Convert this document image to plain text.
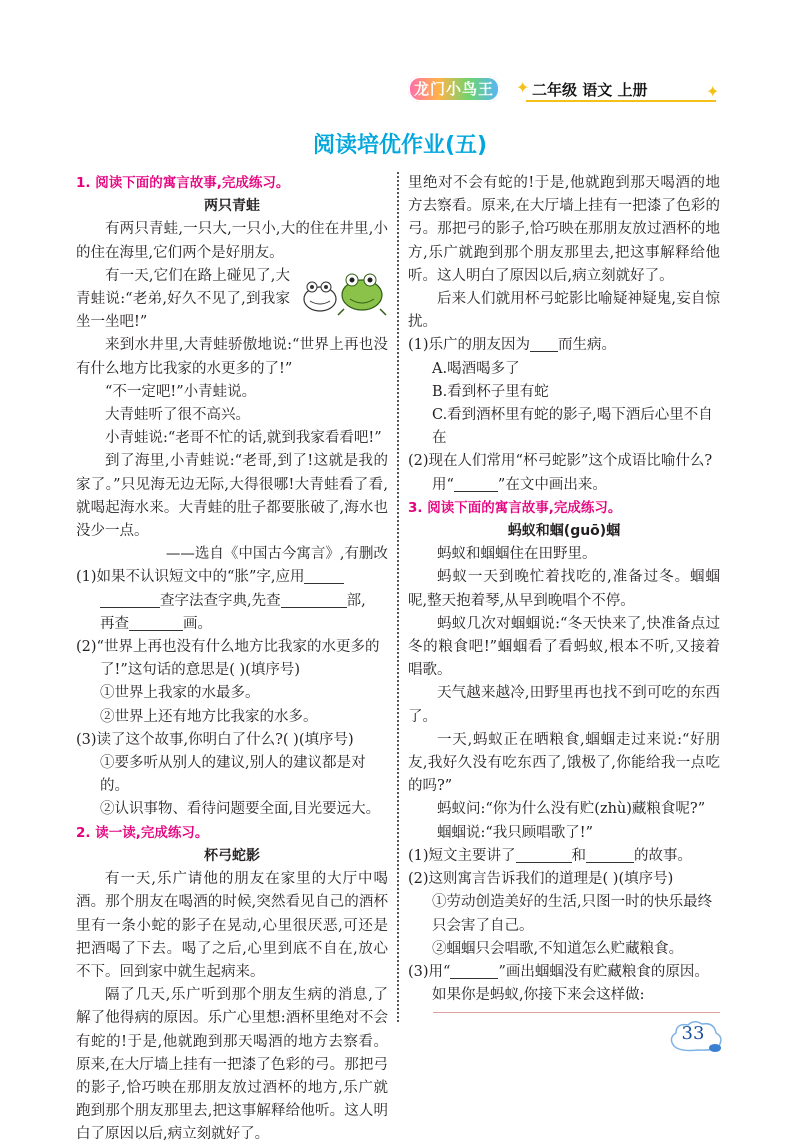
龙门小鸟王	✦ 二年级 语文 上册	✦
阅读培优作业(五)

1. 阅读下面的寓言故事,完成练习。

两只青蛙

有两只青蛙,一只大,一只小,大的住在井里,小的住在海里,它们两个是好朋友。

有一天,它们在路上碰见了,大青蛙说:“老弟,好久不见了,到我家坐一坐吧!”

来到水井里,大青蛙骄傲地说:“世界上再也没有什么地方比我家的水更多的了!”

“不一定吧!”小青蛙说。

大青蛙听了很不高兴。

小青蛙说:“老哥不忙的话,就到我家看看吧!”

到了海里,小青蛙说:“老哥,到了!这就是我的家了。”只见海无边无际,大得很哪!大青蛙看了看,就喝起海水来。大青蛙的肚子都要胀破了,海水也没少一点。

——选自《中国古今寓言》,有删改

(1)如果不认识短文中的“胀”字,应用查字法查字典,先查	部,
再查	画。

(2)“世界上再也没有什么地方比我家的水更多的了!”这句话的意思是( )(填序号)

①世界上我家的水最多。

②世界上还有地方比我家的水多。

(3)读了这个故事,你明白了什么?( )(填序号)

①要多听从别人的建议,别人的建议都是对的。

②认识事物、看待问题要全面,目光要远大。

2. 读一读,完成练习。

杯弓蛇影

有一天,乐广请他的朋友在家里的大厅中喝酒。那个朋友在喝酒的时候,突然看见自己的酒杯里有一条小蛇的影子在晃动,心里很厌恶,可还是把酒喝了下去。喝了之后,心里到底不自在,放心不下。回到家中就生起病来。

隔了几天,乐广听到那个朋友生病的消息,了解了他得病的原因。乐广心里想:酒杯里绝对不会有蛇的!于是,他就跑到那天喝酒的地方去察看。原来,在大厅墙上挂有一把漆了色彩的弓。那把弓的影子,恰巧映在那朋友放过酒杯的地方,乐广就跑到那个朋友那里去,把这事解释给他听。这人明白了原因以后,病立刻就好了。

里绝对不会有蛇的!于是,他就跑到那天喝酒的地方去察看。原来,在大厅墙上挂有一把漆了色彩的弓。那把弓的影子,恰巧映在那朋友放过酒杯的地方,乐广就跑到那个朋友那里去,把这事解释给他听。这人明白了原因以后,病立刻就好了。

后来人们就用杯弓蛇影比喻疑神疑鬼,妄自惊扰。

(1)乐广的朋友因为 而生病。

A.喝酒喝多了

B.看到杯子里有蛇

C.看到酒杯里有蛇的影子,喝下酒后心里不自在

(2)现在人们常用“杯弓蛇影”这个成语比喻什么?用“	”在文中画出来。

3. 阅读下面的寓言故事,完成练习。

蚂蚁和蝈(guō)蝈

蚂蚁和蝈蝈住在田野里。

蚂蚁一天到晚忙着找吃的,准备过冬。蝈蝈呢,整天抱着琴,从早到晚唱个不停。

蚂蚁几次对蝈蝈说:“冬天快来了,快准备点过冬的粮食吧!”蝈蝈看了看蚂蚁,根本不听,又接着唱歌。

天气越来越冷,田野里再也找不到可吃的东西了。

一天,蚂蚁正在晒粮食,蝈蝈走过来说:“好朋友,我好久没有吃东西了,饿极了,你能给我一点吃的吗?”

蚂蚁问:“你为什么没有贮(zhù)藏粮食呢?”

蝈蝈说:“我只顾唱歌了!”

(1)短文主要讲了	和	的故事。

(2)这则寓言告诉我们的道理是( )(填序号)

①劳动创造美好的生活,只图一时的快乐最终只会害了自己。

②蝈蝈只会唱歌,不知道怎么贮藏粮食。

(3)用“	”画出蝈蝈没有贮藏粮食的原因。如果你是蚂蚁,你接下来会这样做:

33
